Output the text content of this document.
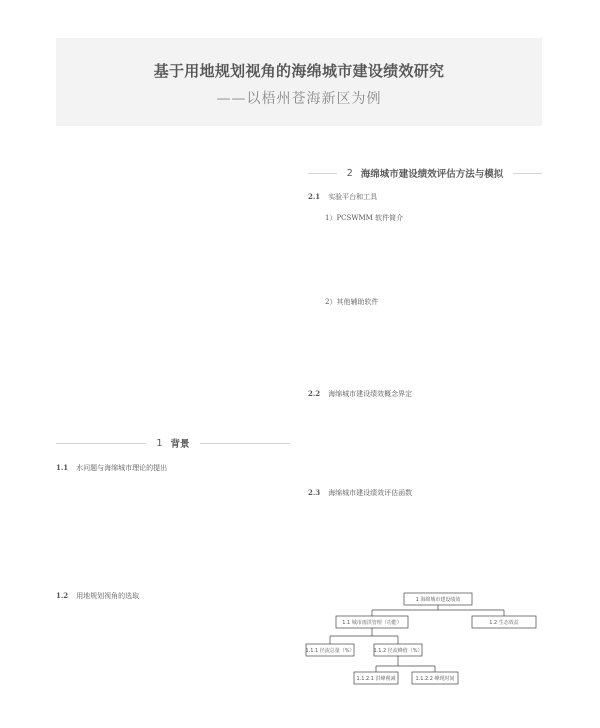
基于用地规划视角的海绵城市建设绩效研究
——以梧州苍海新区为例
2 海绵城市建设绩效评估方法与模拟
2.1 实验平台和工具
1）PCSWMM 软件简介
2）其他辅助软件
2.2 海绵城市建设绩效概念界定
2.3 海绵城市建设绩效评估函数
1 背景
1.1 水问题与海绵城市理论的提出
1.2 用地规划视角的选取	1 海绵城市建设绩效
1.1 城市雨洪管理（功能）	1.2 生态效益
1.1.1 径流总量（%）	1.1.2 径流峰值（%）
1.1.2.1 洪峰削减	1.1.2.2 峰现时间
